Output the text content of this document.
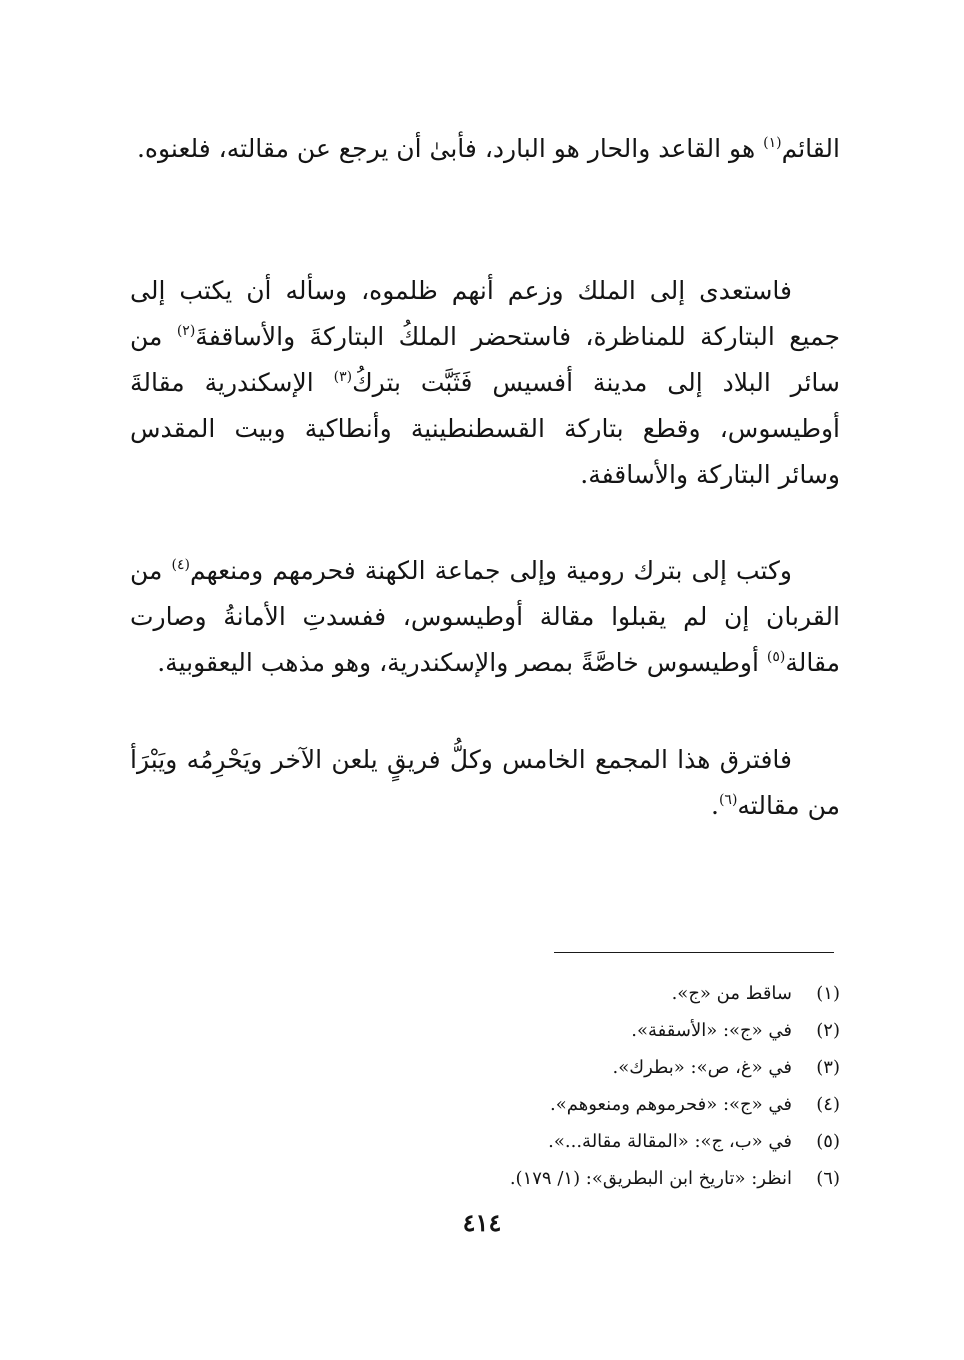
القائم$^{(١)}$ هو القاعد والحار هو البارد، فأبىٰ أن يرجع عن مقالته، فلعنوه.

فاستعدى إلى الملك وزعم أنهم ظلموه، وسأله أن يكتب إلى جميع البتاركة للمناظرة، فاستحضر الملكُ البتاركةَ والأساقفةَ$^{(٢)}$ من سائر البلاد إلى مدينة أفسيس فَثَبَّت بتركُ$^{(٣)}$ الإسكندرية مقالةَ أوطيسوس، وقطع بتاركة القسطنطينية وأنطاكية وبيت المقدس وسائر البتاركة والأساقفة.

وكتب إلى بترك رومية وإلى جماعة الكهنة فحرمهم ومنعهم$^{(٤)}$ من القربان إن لم يقبلوا مقالة أوطيسوس، ففسدتِ الأمانةُ وصارت مقالة$^{(٥)}$ أوطيسوس خاصَّةً بمصر والإسكندرية، وهو مذهب اليعقوبية.

فافترق هذا المجمع الخامس وكلُّ فريقٍ يلعن الآخر ويَحْرِمُه ويَبْرَأ من مقالته$^{(٦)}$.

(١)ساقط من «ج».
(٢)في «ج»: «الأسقفة».
(٣)في «غ، ص»: «بطرك».
(٤)في «ج»: «فحرموهم ومنعوهم».
(٥)في «ب، ج»: «المقالة مقالة...».
(٦)انظر: «تاريخ ابن البطريق»: (١/ ١٧٩).
٤١٤
